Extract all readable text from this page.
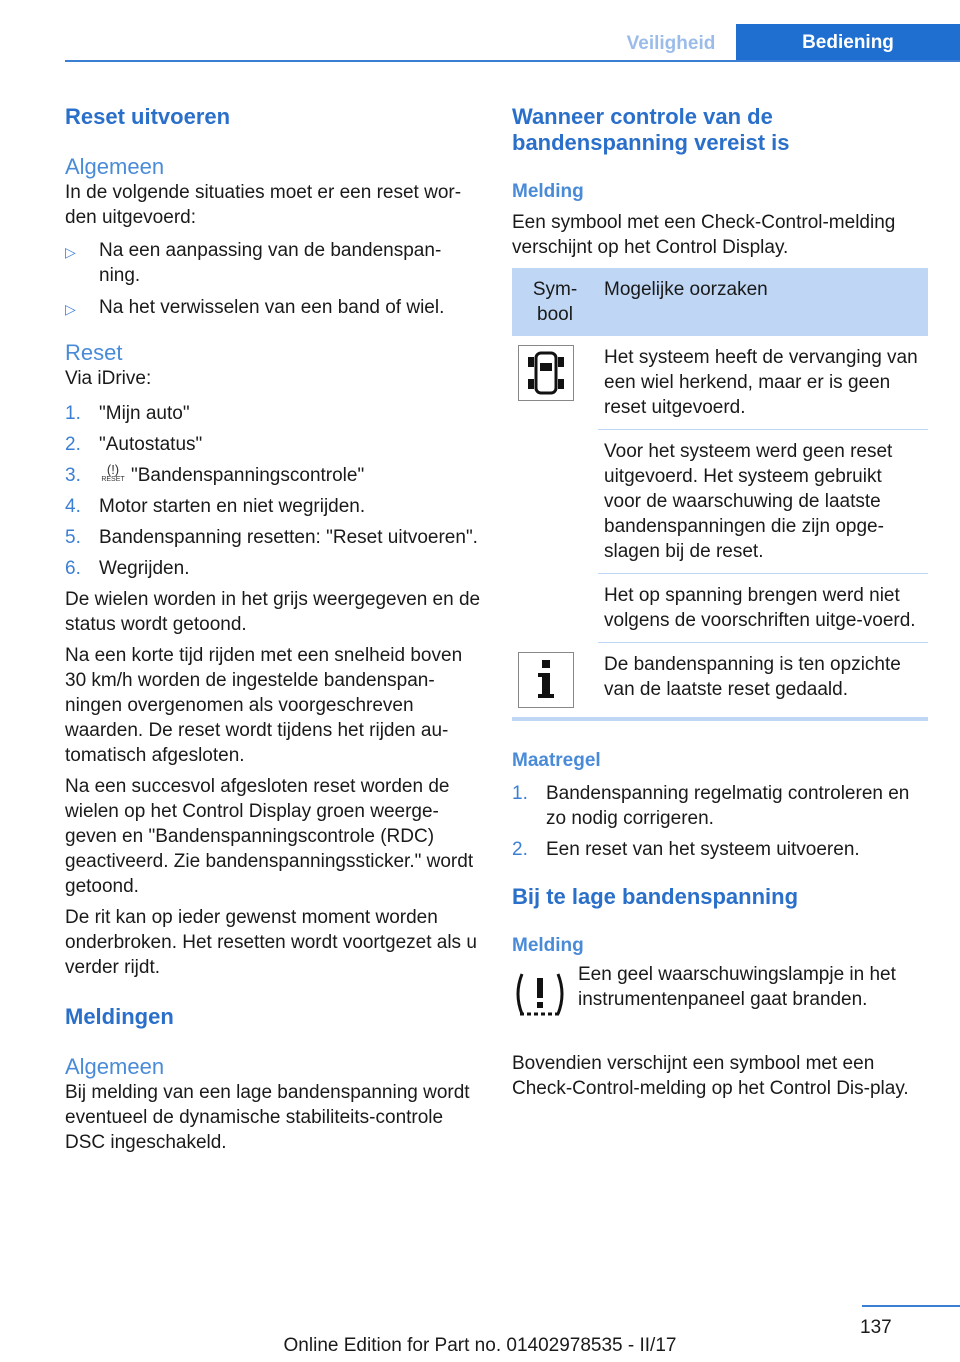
Veiligheid	Bediening
Reset uitvoeren
Algemeen

In de volgende situaties moet er een reset wor-den uitgevoerd:

▷	Na een aanpassing van de bandenspan-ning.
▷	Na het verwisselen van een band of wiel.
Reset

Via iDrive:

1. "Mijn auto"
2. "Autostatus"
3.	(!)
RESET "Bandenspanningscontrole"
4. Motor starten en niet wegrijden.
5. Bandenspanning resetten: "Reset uitvoeren".
6. Wegrijden.

De wielen worden in het grijs weergegeven en de status wordt getoond.

Na een korte tijd rijden met een snelheid boven 30 km/h worden de ingestelde bandenspan-ningen overgenomen als voorgeschreven waarden. De reset wordt tijdens het rijden au-tomatisch afgesloten.

Na een succesvol afgesloten reset worden de wielen op het Control Display groen weerge-geven en "Bandenspanningscontrole (RDC) geactiveerd. Zie bandenspanningssticker." wordt getoond.

De rit kan op ieder gewenst moment worden onderbroken. Het resetten wordt voortgezet als u verder rijdt.

Meldingen
Algemeen

Bij melding van een lage bandenspanning wordt eventueel de dynamische stabiliteits-controle DSC ingeschakeld.

Wanneer controle van de bandenspanning vereist is
Melding

Een symbool met een Check-Control-melding verschijnt op het Control Display.

Sym-bool	Mogelijke oorzaken

	Het systeem heeft de vervanging van een wiel herkend, maar er is geen reset uitgevoerd.
	Voor het systeem werd geen reset uitgevoerd. Het systeem gebruikt voor de waarschuwing de laatste bandenspanningen die zijn opge-slagen bij de reset.
	Het op spanning brengen werd niet volgens de voorschriften uitge-voerd.

	De bandenspanning is ten opzichte van de laatste reset gedaald.
Maatregel
1. Bandenspanning regelmatig controleren en zo nodig corrigeren.
2. Een reset van het systeem uitvoeren.
Bij te lage bandenspanning
Melding

Een geel waarschuwingslampje in het instrumentenpaneel gaat branden.

Bovendien verschijnt een symbool met een Check-Control-melding op het Control Dis-play.

137
Online Edition for Part no. 01402978535 - II/17
